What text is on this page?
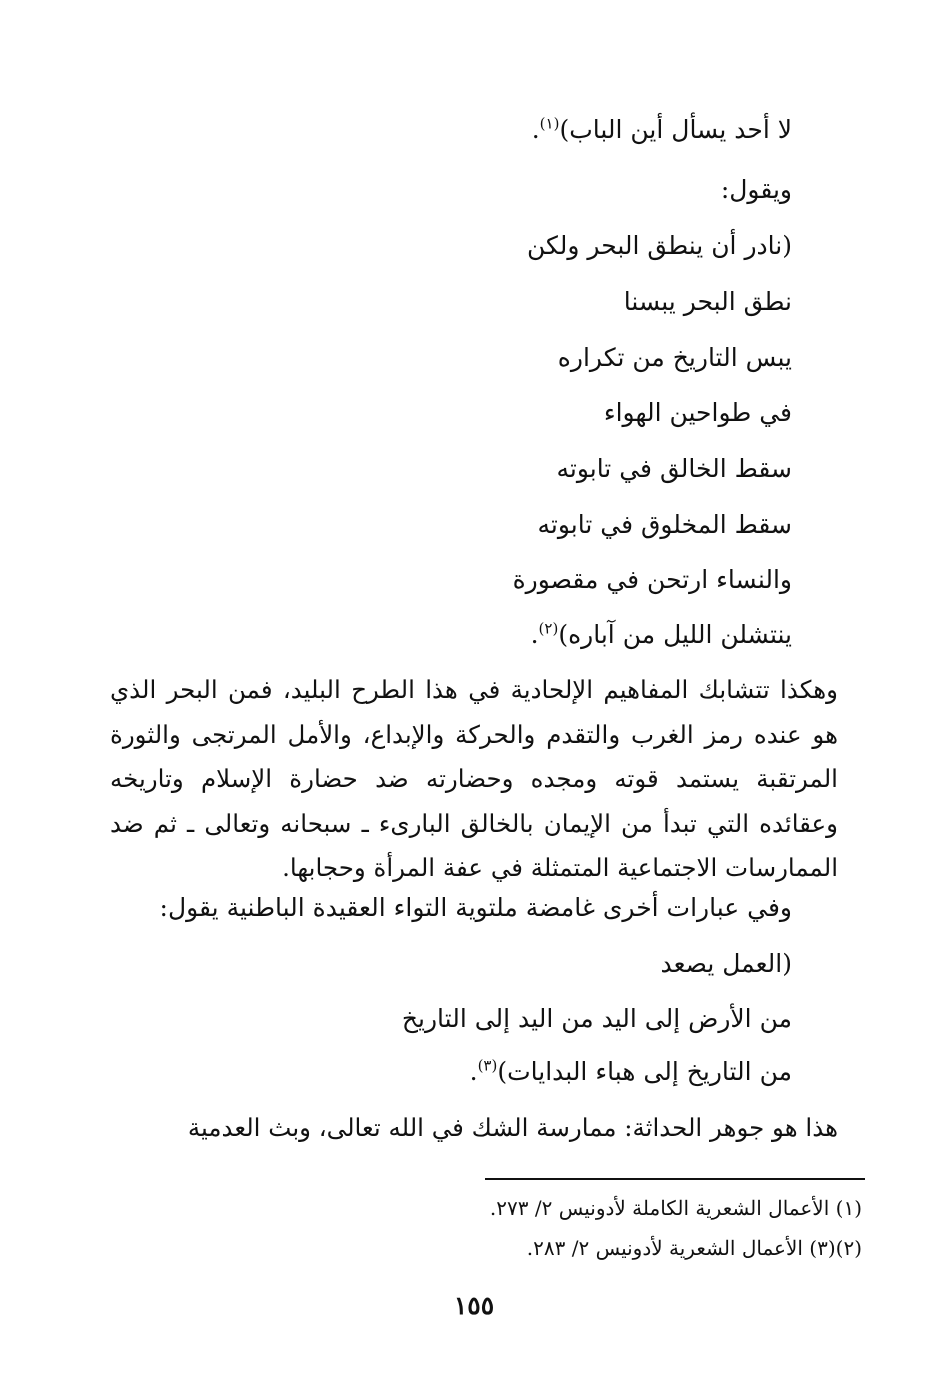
لا أحد يسأل أين الباب)$^{(١)}$.
ويقول:
(نادر أن ينطق البحر ولكن
نطق البحر يبسنا
يبس التاريخ من تكراره
في طواحين الهواء
سقط الخالق في تابوته
سقط المخلوق في تابوته
والنساء ارتحن في مقصورة
ينتشلن الليل من آباره)$^{(٢)}$.
وهكذا تتشابك المفاهيم الإلحادية في هذا الطرح البليد، فمن البحر الذي هو عنده رمز الغرب والتقدم والحركة والإبداع، والأمل المرتجى والثورة المرتقبة يستمد قوته ومجده وحضارته ضد حضارة الإسلام وتاريخه وعقائده التي تبدأ من الإيمان بالخالق البارىء ـ سبحانه وتعالى ـ ثم ضد الممارسات الاجتماعية المتمثلة في عفة المرأة وحجابها.
وفي عبارات أخرى غامضة ملتوية التواء العقيدة الباطنية يقول:
(العمل يصعد
من الأرض إلى اليد من اليد إلى التاريخ
من التاريخ إلى هباء البدايات)$^{(٣)}$.
هذا هو جوهر الحداثة: ممارسة الشك في الله تعالى، وبث العدمية
(١) الأعمال الشعرية الكاملة لأدونيس ٢/ ٢٧٣.
(٢)(٣) الأعمال الشعرية لأدونيس ٢/ ٢٨٣.
١٥٥
